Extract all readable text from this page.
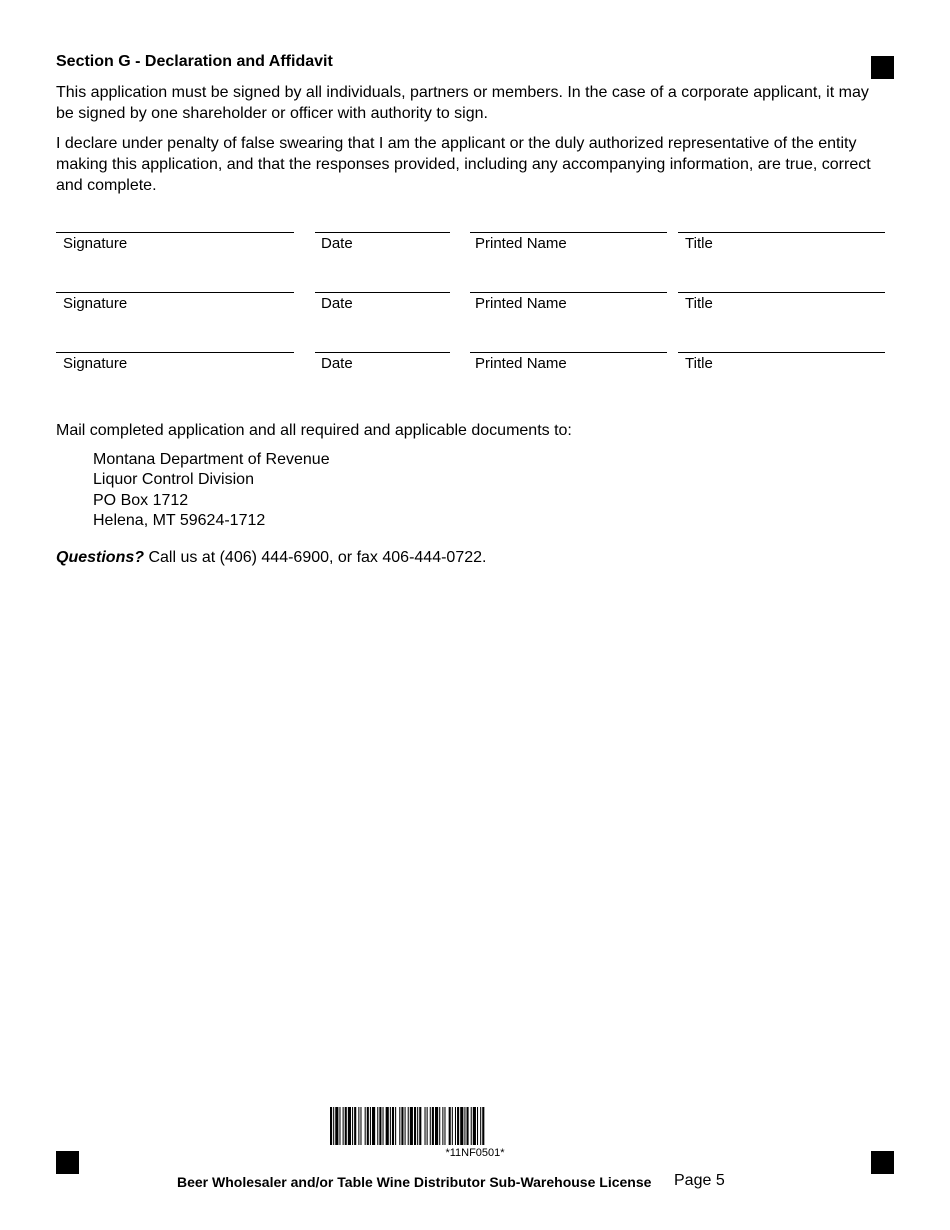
Section G - Declaration and Affidavit
This application must be signed by all individuals, partners or members. In the case of a corporate applicant, it may be signed by one shareholder or officer with authority to sign.
I declare under penalty of false swearing that I am the applicant or the duly authorized representative of the entity making this application, and that the responses provided, including any accompanying information, are true, correct and complete.
Signature	Date	Printed Name	Title
Signature	Date	Printed Name	Title
Signature	Date	Printed Name	Title
Mail completed application and all required and applicable documents to:
Montana Department of Revenue
Liquor Control Division
PO Box 1712
Helena, MT 59624-1712
Questions? Call us at (406) 444-6900, or fax 406-444-0722.
*11NF0501*
Beer Wholesaler and/or Table Wine Distributor Sub-Warehouse License Page 5
